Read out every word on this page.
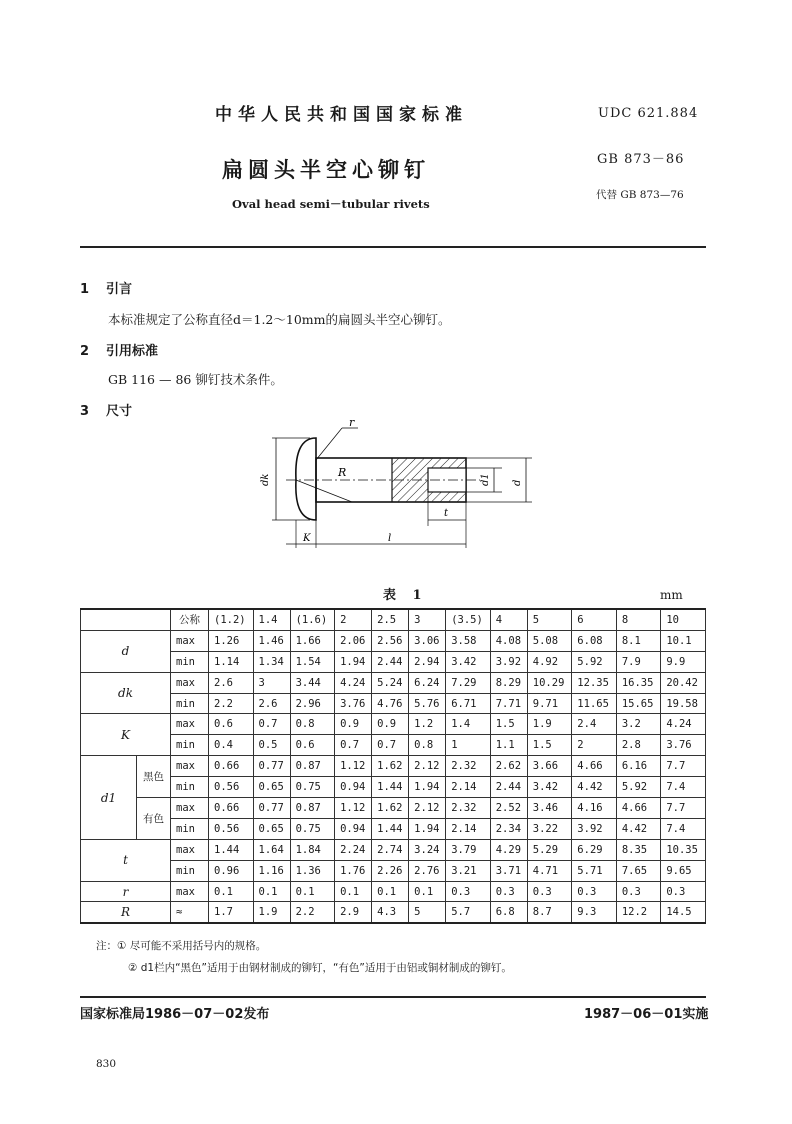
中华人民共和国国家标准
扁圆头半空心铆钉
Oval head semi－tubular rivets
UDC 621.884
GB 873－86
代替 GB 873—76
1 引言
本标准规定了公称直径d＝1.2～10mm的扁圆头半空心铆钉。
2 引用标准
GB 116 — 86 铆钉技术条件。
3 尺寸
r
R
dk	d1 d
t
K	l
表 1	mm
		公称	(1.2)	1.4	(1.6)	2	2.5	3	(3.5)	4	5	6	8	10
d		max	1.26	1.46	1.66	2.06	2.56	3.06	3.58	4.08	5.08	6.08	8.1	10.1
		min	1.14	1.34	1.54	1.94	2.44	2.94	3.42	3.92	4.92	5.92	7.9	9.9
dk		max	2.6	3	3.44	4.24	5.24	6.24	7.29	8.29	10.29	12.35	16.35	20.42
		min	2.2	2.6	2.96	3.76	4.76	5.76	6.71	7.71	9.71	11.65	15.65	19.58
K		max	0.6	0.7	0.8	0.9	0.9	1.2	1.4	1.5	1.9	2.4	3.2	4.24
		min	0.4	0.5	0.6	0.7	0.7	0.8	1	1.1	1.5	2	2.8	3.76
d1	黑色	max	0.66	0.77	0.87	1.12	1.62	2.12	2.32	2.62	3.66	4.66	6.16	7.7
		min	0.56	0.65	0.75	0.94	1.44	1.94	2.14	2.44	3.42	4.42	5.92	7.4
	有色	max	0.66	0.77	0.87	1.12	1.62	2.12	2.32	2.52	3.46	4.16	4.66	7.7
		min	0.56	0.65	0.75	0.94	1.44	1.94	2.14	2.34	3.22	3.92	4.42	7.4
t		max	1.44	1.64	1.84	2.24	2.74	3.24	3.79	4.29	5.29	6.29	8.35	10.35
		min	0.96	1.16	1.36	1.76	2.26	2.76	3.21	3.71	4.71	5.71	7.65	9.65
r		max	0.1	0.1	0.1	0.1	0.1	0.1	0.3	0.3	0.3	0.3	0.3	0.3
R		≈	1.7	1.9	2.2	2.9	4.3	5	5.7	6.8	8.7	9.3	12.2	14.5
注：① 尽可能不采用括号内的规格。
② d1栏内“黑色”适用于由钢材制成的铆钉，“有色”适用于由铝或铜材制成的铆钉。
国家标准局1986－07－02发布	1987－06－01实施
830
